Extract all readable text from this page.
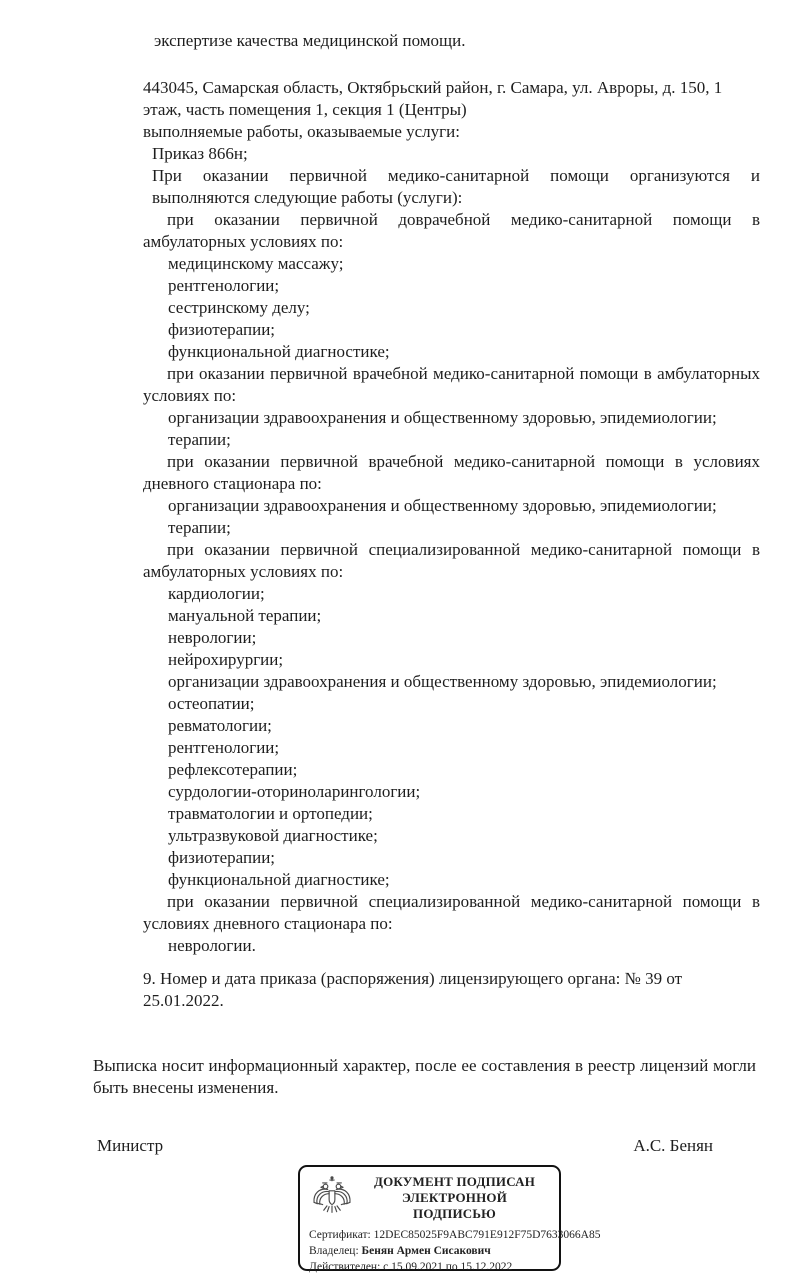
экспертизе качества медицинской помощи.

443045, Самарская область, Октябрьский район, г. Самара, ул. Авроры, д. 150, 1 этаж, часть помещения 1, секция 1 (Центры)

выполняемые работы, оказываемые услуги:

Приказ 866н;

При оказании первичной медико-санитарной помощи организуются и выполняются следующие работы (услуги):

при оказании первичной доврачебной медико-санитарной помощи в амбулаторных условиях по:

медицинскому массажу;

рентгенологии;

сестринскому делу;

физиотерапии;

функциональной диагностике;

при оказании первичной врачебной медико-санитарной помощи в амбулаторных условиях по:

организации здравоохранения и общественному здоровью, эпидемиологии;

терапии;

при оказании первичной врачебной медико-санитарной помощи в условиях дневного стационара по:

организации здравоохранения и общественному здоровью, эпидемиологии;

терапии;

при оказании первичной специализированной медико-санитарной помощи в амбулаторных условиях по:

кардиологии;

мануальной терапии;

неврологии;

нейрохирургии;

организации здравоохранения и общественному здоровью, эпидемиологии;

остеопатии;

ревматологии;

рентгенологии;

рефлексотерапии;

сурдологии-оториноларингологии;

травматологии и ортопедии;

ультразвуковой диагностике;

физиотерапии;

функциональной диагностике;

при оказании первичной специализированной медико-санитарной помощи в условиях дневного стационара по:

неврологии.

9. Номер и дата приказа (распоряжения) лицензирующего органа: № 39 от 25.01.2022.

Выписка носит информационный характер, после ее составления в реестр лицензий могли быть внесены изменения.

Министр	А.С. Бенян
ДОКУМЕНТ ПОДПИСАН
ЭЛЕКТРОННОЙ ПОДПИСЬЮ
Сертификат: 12DEC85025F9ABC791E912F75D7633066A85
Владелец: Бенян Армен Сисакович
Действителен: с 15.09.2021 по 15.12.2022
